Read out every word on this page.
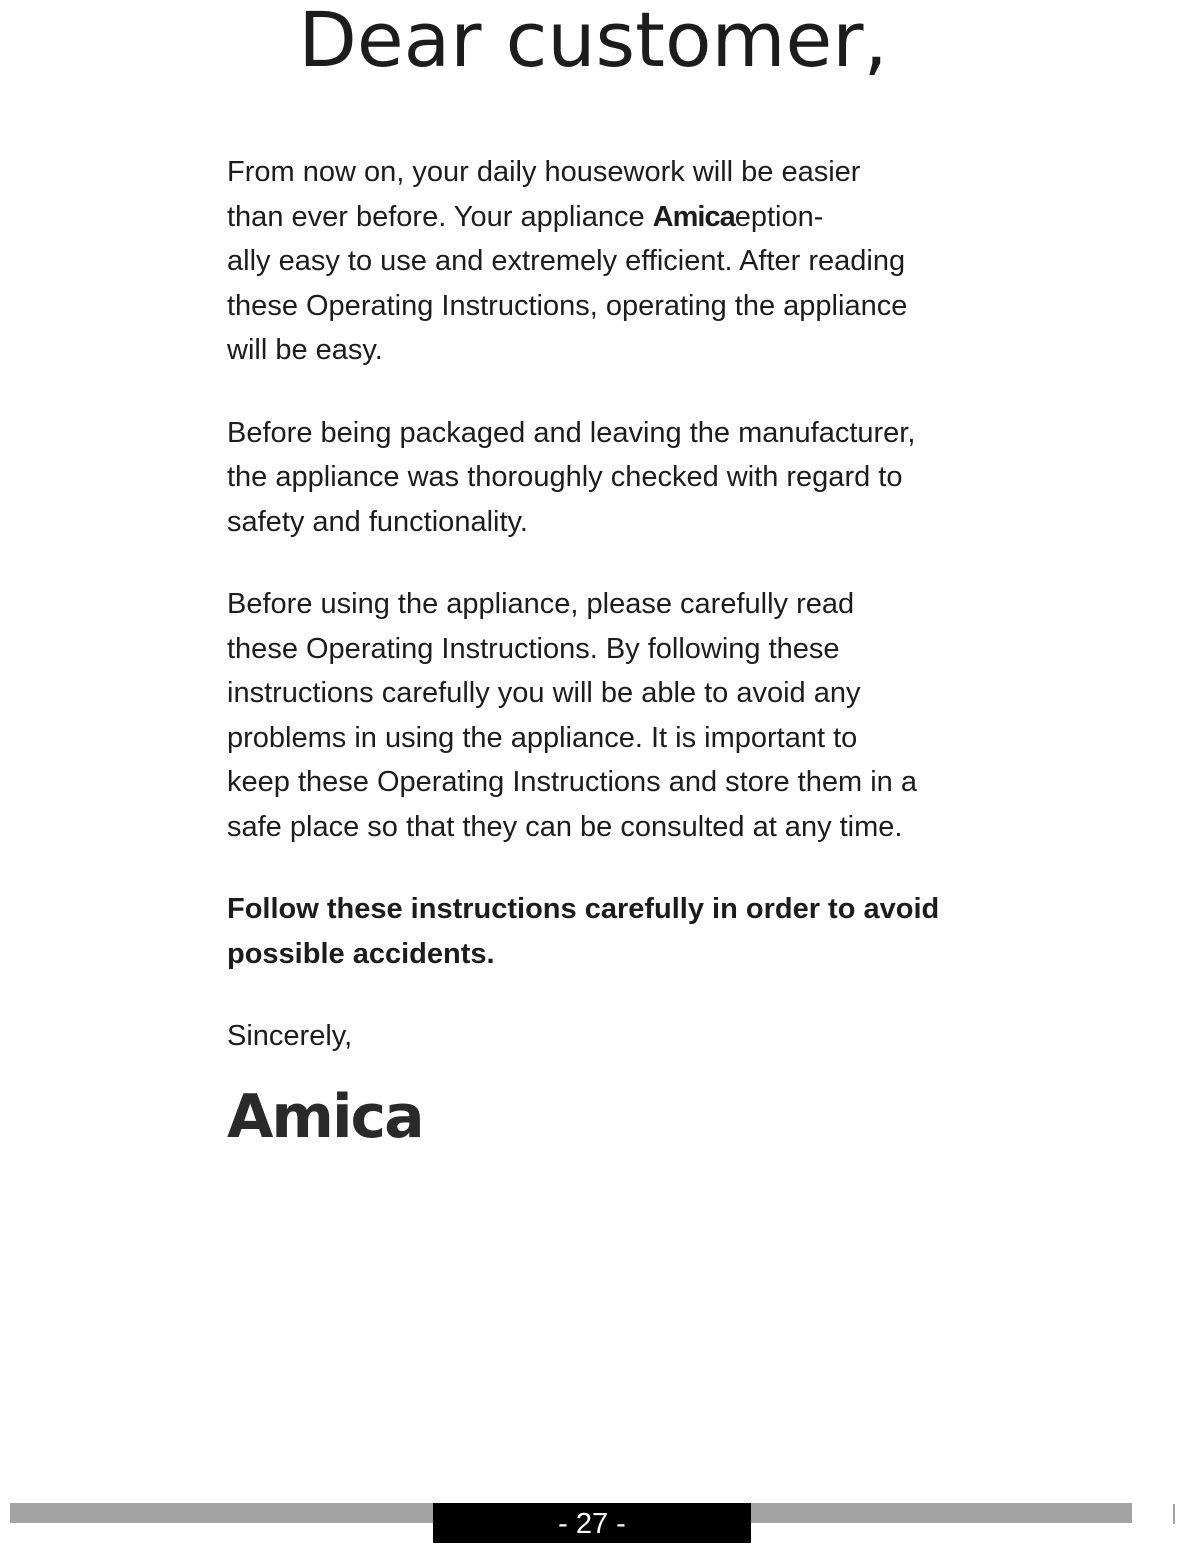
Dear customer,

From now on, your daily housework will be easier
than ever before. Your appliance Amicaeption-
ally easy to use and extremely efficient. After reading
these Operating Instructions, operating the appliance
will be easy.

Before being packaged and leaving the manufacturer,
the appliance was thoroughly checked with regard to
safety and functionality.

Before using the appliance, please carefully read
these Operating Instructions. By following these
instructions carefully you will be able to avoid any
problems in using the appliance. It is important to
keep these Operating Instructions and store them in a
safe place so that they can be consulted at any time.

Follow these instructions carefully in order to avoid
possible accidents.

Sincerely,

Amica
- 27 -
